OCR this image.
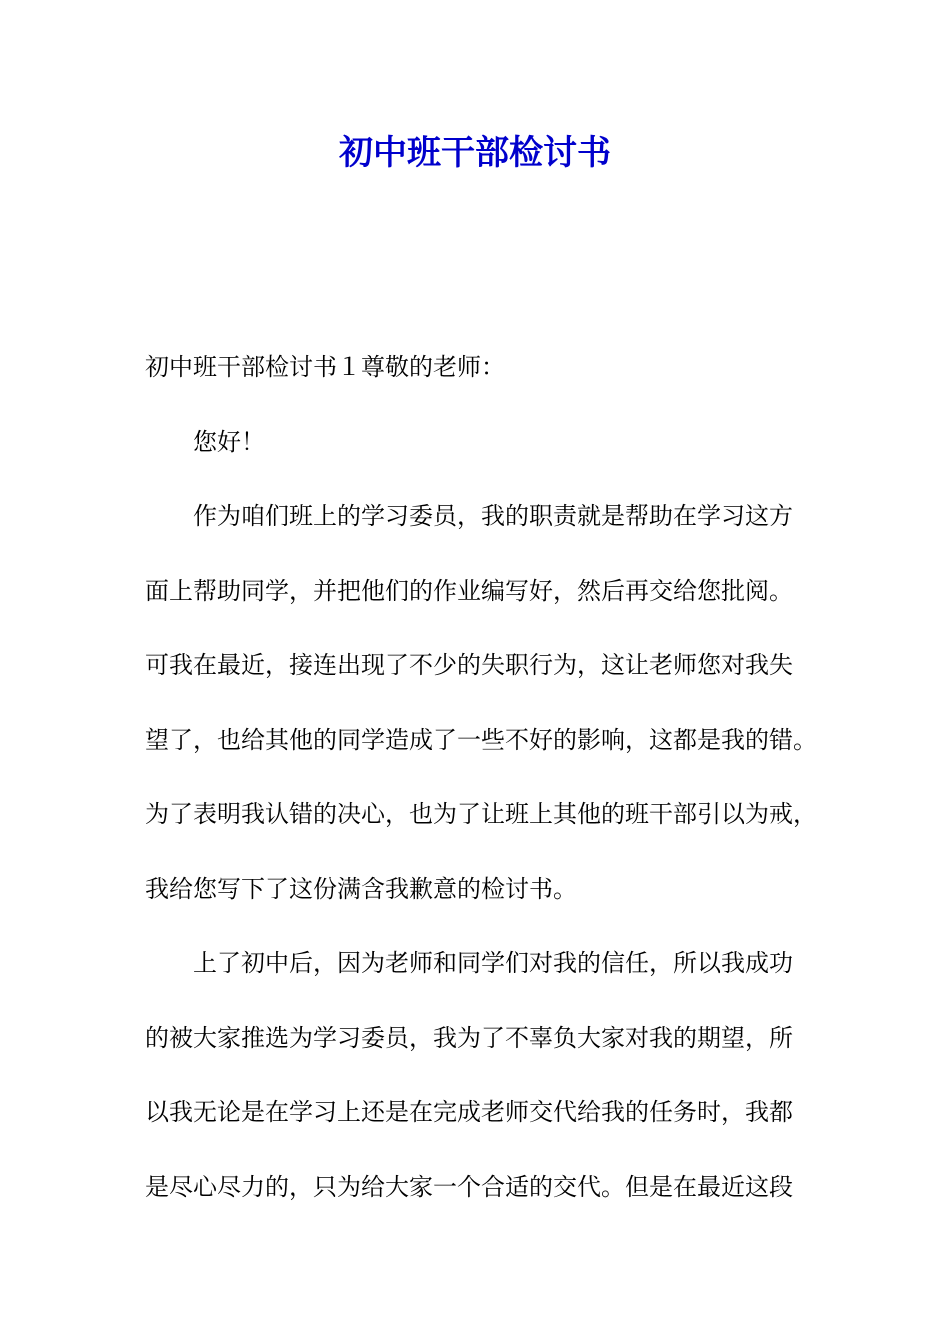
初中班干部检讨书
初中班干部检讨书１尊敬的老师：
您好！
作为咱们班上的学习委员，我的职责就是帮助在学习这方
面上帮助同学，并把他们的作业编写好，然后再交给您批阅。
可我在最近，接连出现了不少的失职行为，这让老师您对我失
望了，也给其他的同学造成了一些不好的影响，这都是我的错。
为了表明我认错的决心，也为了让班上其他的班干部引以为戒，
我给您写下了这份满含我歉意的检讨书。
上了初中后，因为老师和同学们对我的信任，所以我成功
的被大家推选为学习委员，我为了不辜负大家对我的期望，所
以我无论是在学习上还是在完成老师交代给我的任务时，我都
是尽心尽力的，只为给大家一个合适的交代。但是在最近这段
